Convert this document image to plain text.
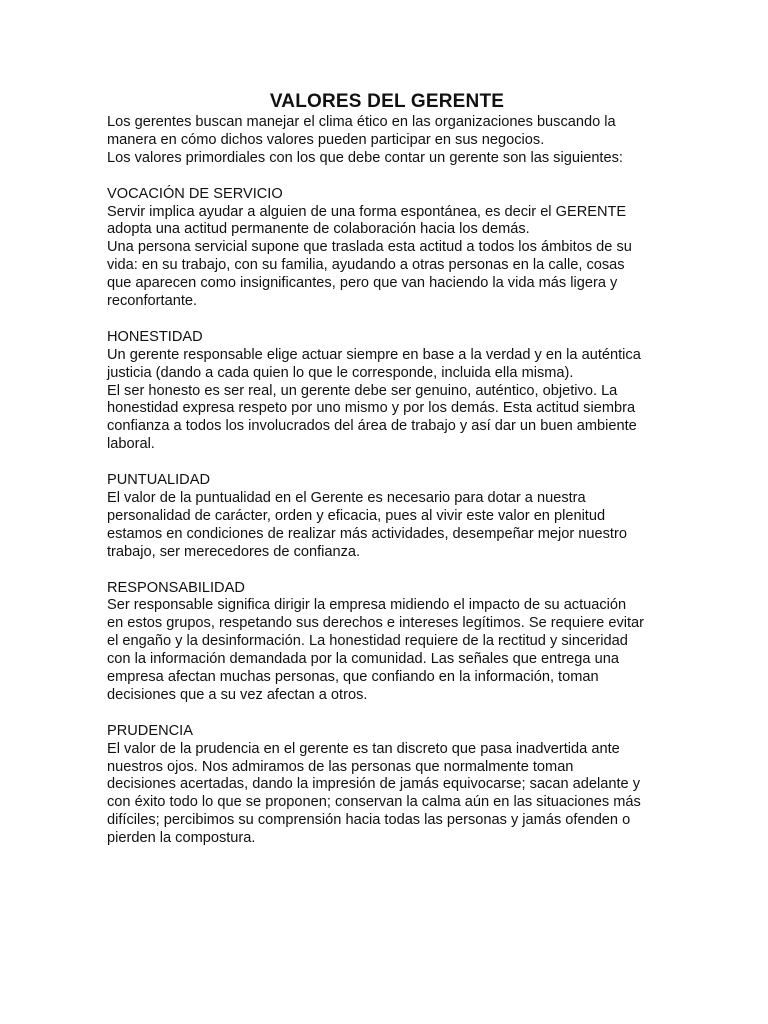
VALORES DEL GERENTE
Los gerentes buscan manejar el clima ético en las organizaciones buscando la
manera en cómo dichos valores pueden participar en sus negocios.
Los valores primordiales con los que debe contar un gerente son las siguientes:
VOCACIÓN DE SERVICIO
Servir implica ayudar a alguien de una forma espontánea, es decir el GERENTE
adopta una actitud permanente de colaboración hacia los demás.
Una persona servicial supone que traslada esta actitud a todos los ámbitos de su
vida: en su trabajo, con su familia, ayudando a otras personas en la calle, cosas
que aparecen como insignificantes, pero que van haciendo la vida más ligera y
reconfortante.
HONESTIDAD
Un gerente responsable elige actuar siempre en base a la verdad y en la auténtica
justicia (dando a cada quien lo que le corresponde, incluida ella misma).
El ser honesto es ser real, un gerente debe ser genuino, auténtico, objetivo. La
honestidad expresa respeto por uno mismo y por los demás. Esta actitud siembra
confianza a todos los involucrados del área de trabajo y así dar un buen ambiente
laboral.
PUNTUALIDAD
El valor de la puntualidad en el Gerente es necesario para dotar a nuestra
personalidad de carácter, orden y eficacia, pues al vivir este valor en plenitud
estamos en condiciones de realizar más actividades, desempeñar mejor nuestro
trabajo, ser merecedores de confianza.
RESPONSABILIDAD
Ser responsable significa dirigir la empresa midiendo el impacto de su actuación
en estos grupos, respetando sus derechos e intereses legítimos. Se requiere evitar
el engaño y la desinformación. La honestidad requiere de la rectitud y sinceridad
con la información demandada por la comunidad. Las señales que entrega una
empresa afectan muchas personas, que confiando en la información, toman
decisiones que a su vez afectan a otros.
PRUDENCIA
El valor de la prudencia en el gerente es tan discreto que pasa inadvertida ante
nuestros ojos. Nos admiramos de las personas que normalmente toman
decisiones acertadas, dando la impresión de jamás equivocarse; sacan adelante y
con éxito todo lo que se proponen; conservan la calma aún en las situaciones más
difíciles; percibimos su comprensión hacia todas las personas y jamás ofenden o
pierden la compostura.
